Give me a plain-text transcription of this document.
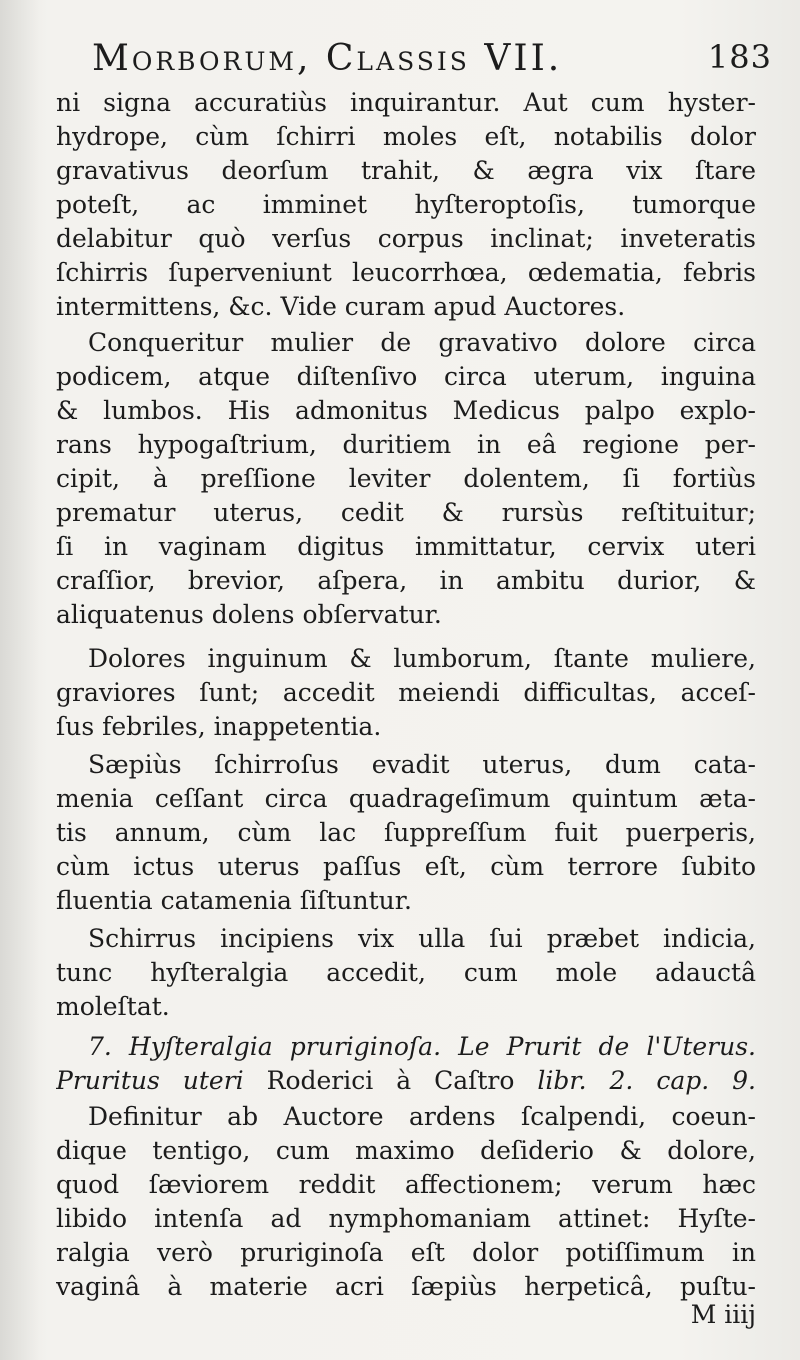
Morborum, Classis VII.	183
ni signa accuratiùs inquirantur. Aut cum hyster-
hydrope, cùm ſchirri moles eſt, notabilis dolor
gravativus deorſum trahit, & ægra vix ſtare
poteſt, ac imminet hyſteroptoſis, tumorque
delabitur quò verſus corpus inclinat; inveteratis
ſchirris ſuperveniunt leucorrhœa, œdematia, febris
intermittens, &c. Vide curam apud Auctores.
Conqueritur mulier de gravativo dolore circa
podicem, atque diſtenſivo circa uterum, inguina
& lumbos. His admonitus Medicus palpo explo-
rans hypogaſtrium, duritiem in eâ regione per-
cipit, à preſſione leviter dolentem, ſi fortiùs
prematur uterus, cedit & rursùs reſtituitur;
ſi in vaginam digitus immittatur, cervix uteri
craſſior, brevior, aſpera, in ambitu durior, &
aliquatenus dolens obſervatur.
Dolores inguinum & lumborum, ſtante muliere,
graviores ſunt; accedit meiendi difficultas, acceſ-
ſus febriles, inappetentia.
Sæpiùs ſchirroſus evadit uterus, dum cata-
menia ceſſant circa quadrageſimum quintum æta-
tis annum, cùm lac ſuppreſſum fuit puerperis,
cùm ictus uterus paſſus eſt, cùm terrore ſubito
fluentia catamenia ſiſtuntur.
Schirrus incipiens vix ulla ſui præbet indicia,
tunc hyſteralgia accedit, cum mole adauctâ
moleſtat.
7. Hyſteralgia pruriginoſa. Le Prurit de l'Uterus.
Pruritus uteri Roderici à Caſtro libr. 2. cap. 9.
Definitur ab Auctore ardens ſcalpendi, coeun-
dique tentigo, cum maximo deſiderio & dolore,
quod ſæviorem reddit affectionem; verum hæc
libido intenſa ad nymphomaniam attinet: Hyſte-
ralgia verò pruriginoſa eſt dolor potiſſimum in
vaginâ à materie acri ſæpiùs herpeticâ, puſtu-
M iiij
